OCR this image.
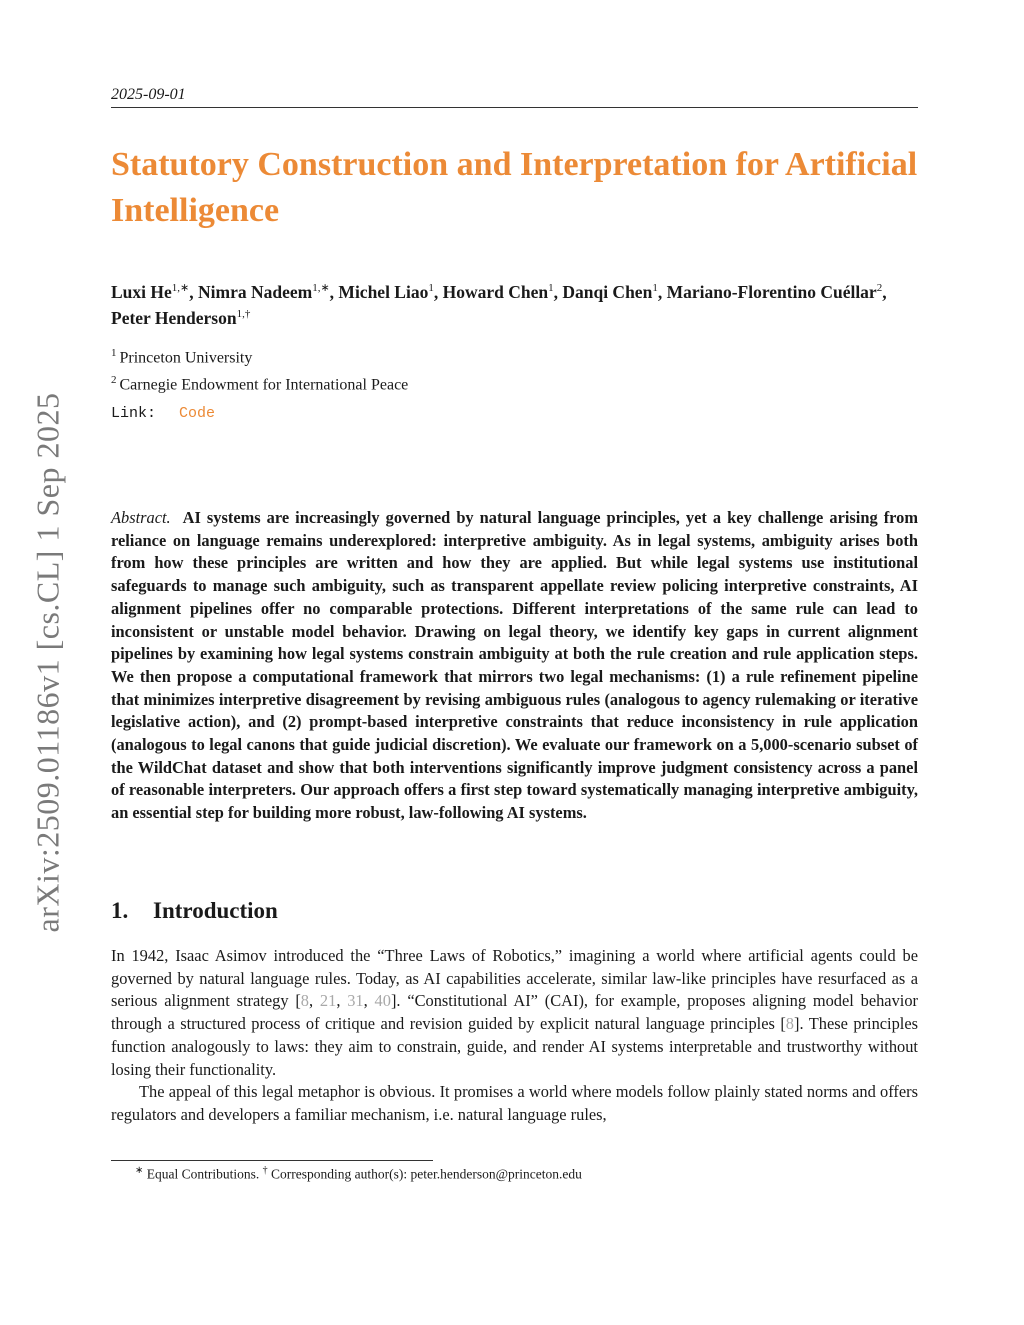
arXiv:2509.01186v1 [cs.CL] 1 Sep 2025
2025-09-01
Statutory Construction and Interpretation for Artificial Intelligence
Luxi $He^{1,∗}$, Nimra Nadeem$^{1,∗}$, Michel Liao$^1$, Howard Chen$^1$, Danqi Chen$^1$, Mariano-Florentino Cuéllar$^2$, Peter Henderson$^{1,\dagger}$
$^1$ Princeton University
$^2$ Carnegie Endowment for International Peace
Link: Code

Abstract. AI systems are increasingly governed by natural language principles, yet a key challenge arising from reliance on language remains underexplored: interpretive ambiguity. As in legal systems, ambiguity arises both from how these principles are written and how they are applied. But while legal systems use institutional safeguards to manage such ambiguity, such as transparent appellate review policing interpretive constraints, AI alignment pipelines offer no comparable protections. Different interpretations of the same rule can lead to inconsistent or unstable model behavior. Drawing on legal theory, we identify key gaps in current alignment pipelines by examining how legal systems constrain ambiguity at both the rule creation and rule application steps. We then propose a computational framework that mirrors two legal mechanisms: (1) a rule refinement pipeline that minimizes interpretive disagreement by revising ambiguous rules (analogous to agency rulemaking or iterative legislative action), and (2) prompt-based interpretive constraints that reduce inconsistency in rule application (analogous to legal canons that guide judicial discretion). We evaluate our framework on a 5,000-scenario subset of the WildChat dataset and show that both interventions significantly improve judgment consistency across a panel of reasonable interpreters. Our approach offers a first step toward systematically managing interpretive ambiguity, an essential step for building more robust, law-following AI systems.

1. Introduction

In 1942, Isaac Asimov introduced the “Three Laws of Robotics,” imagining a world where artificial agents could be governed by natural language rules. Today, as AI capabilities accelerate, similar law-like principles have resurfaced as a serious alignment strategy [8, 21, 31, 40]. “Constitutional AI” (CAI), for example, proposes aligning model behavior through a structured process of critique and revision guided by explicit natural language principles [8]. These principles function analogously to laws: they aim to constrain, guide, and render AI systems interpretable and trustworthy without losing their functionality.

The appeal of this legal metaphor is obvious. It promises a world where models follow plainly stated norms and offers regulators and developers a familiar mechanism, i.e. natural language rules,

∗ Equal Contributions. † Corresponding author(s): peter.henderson@princeton.edu
